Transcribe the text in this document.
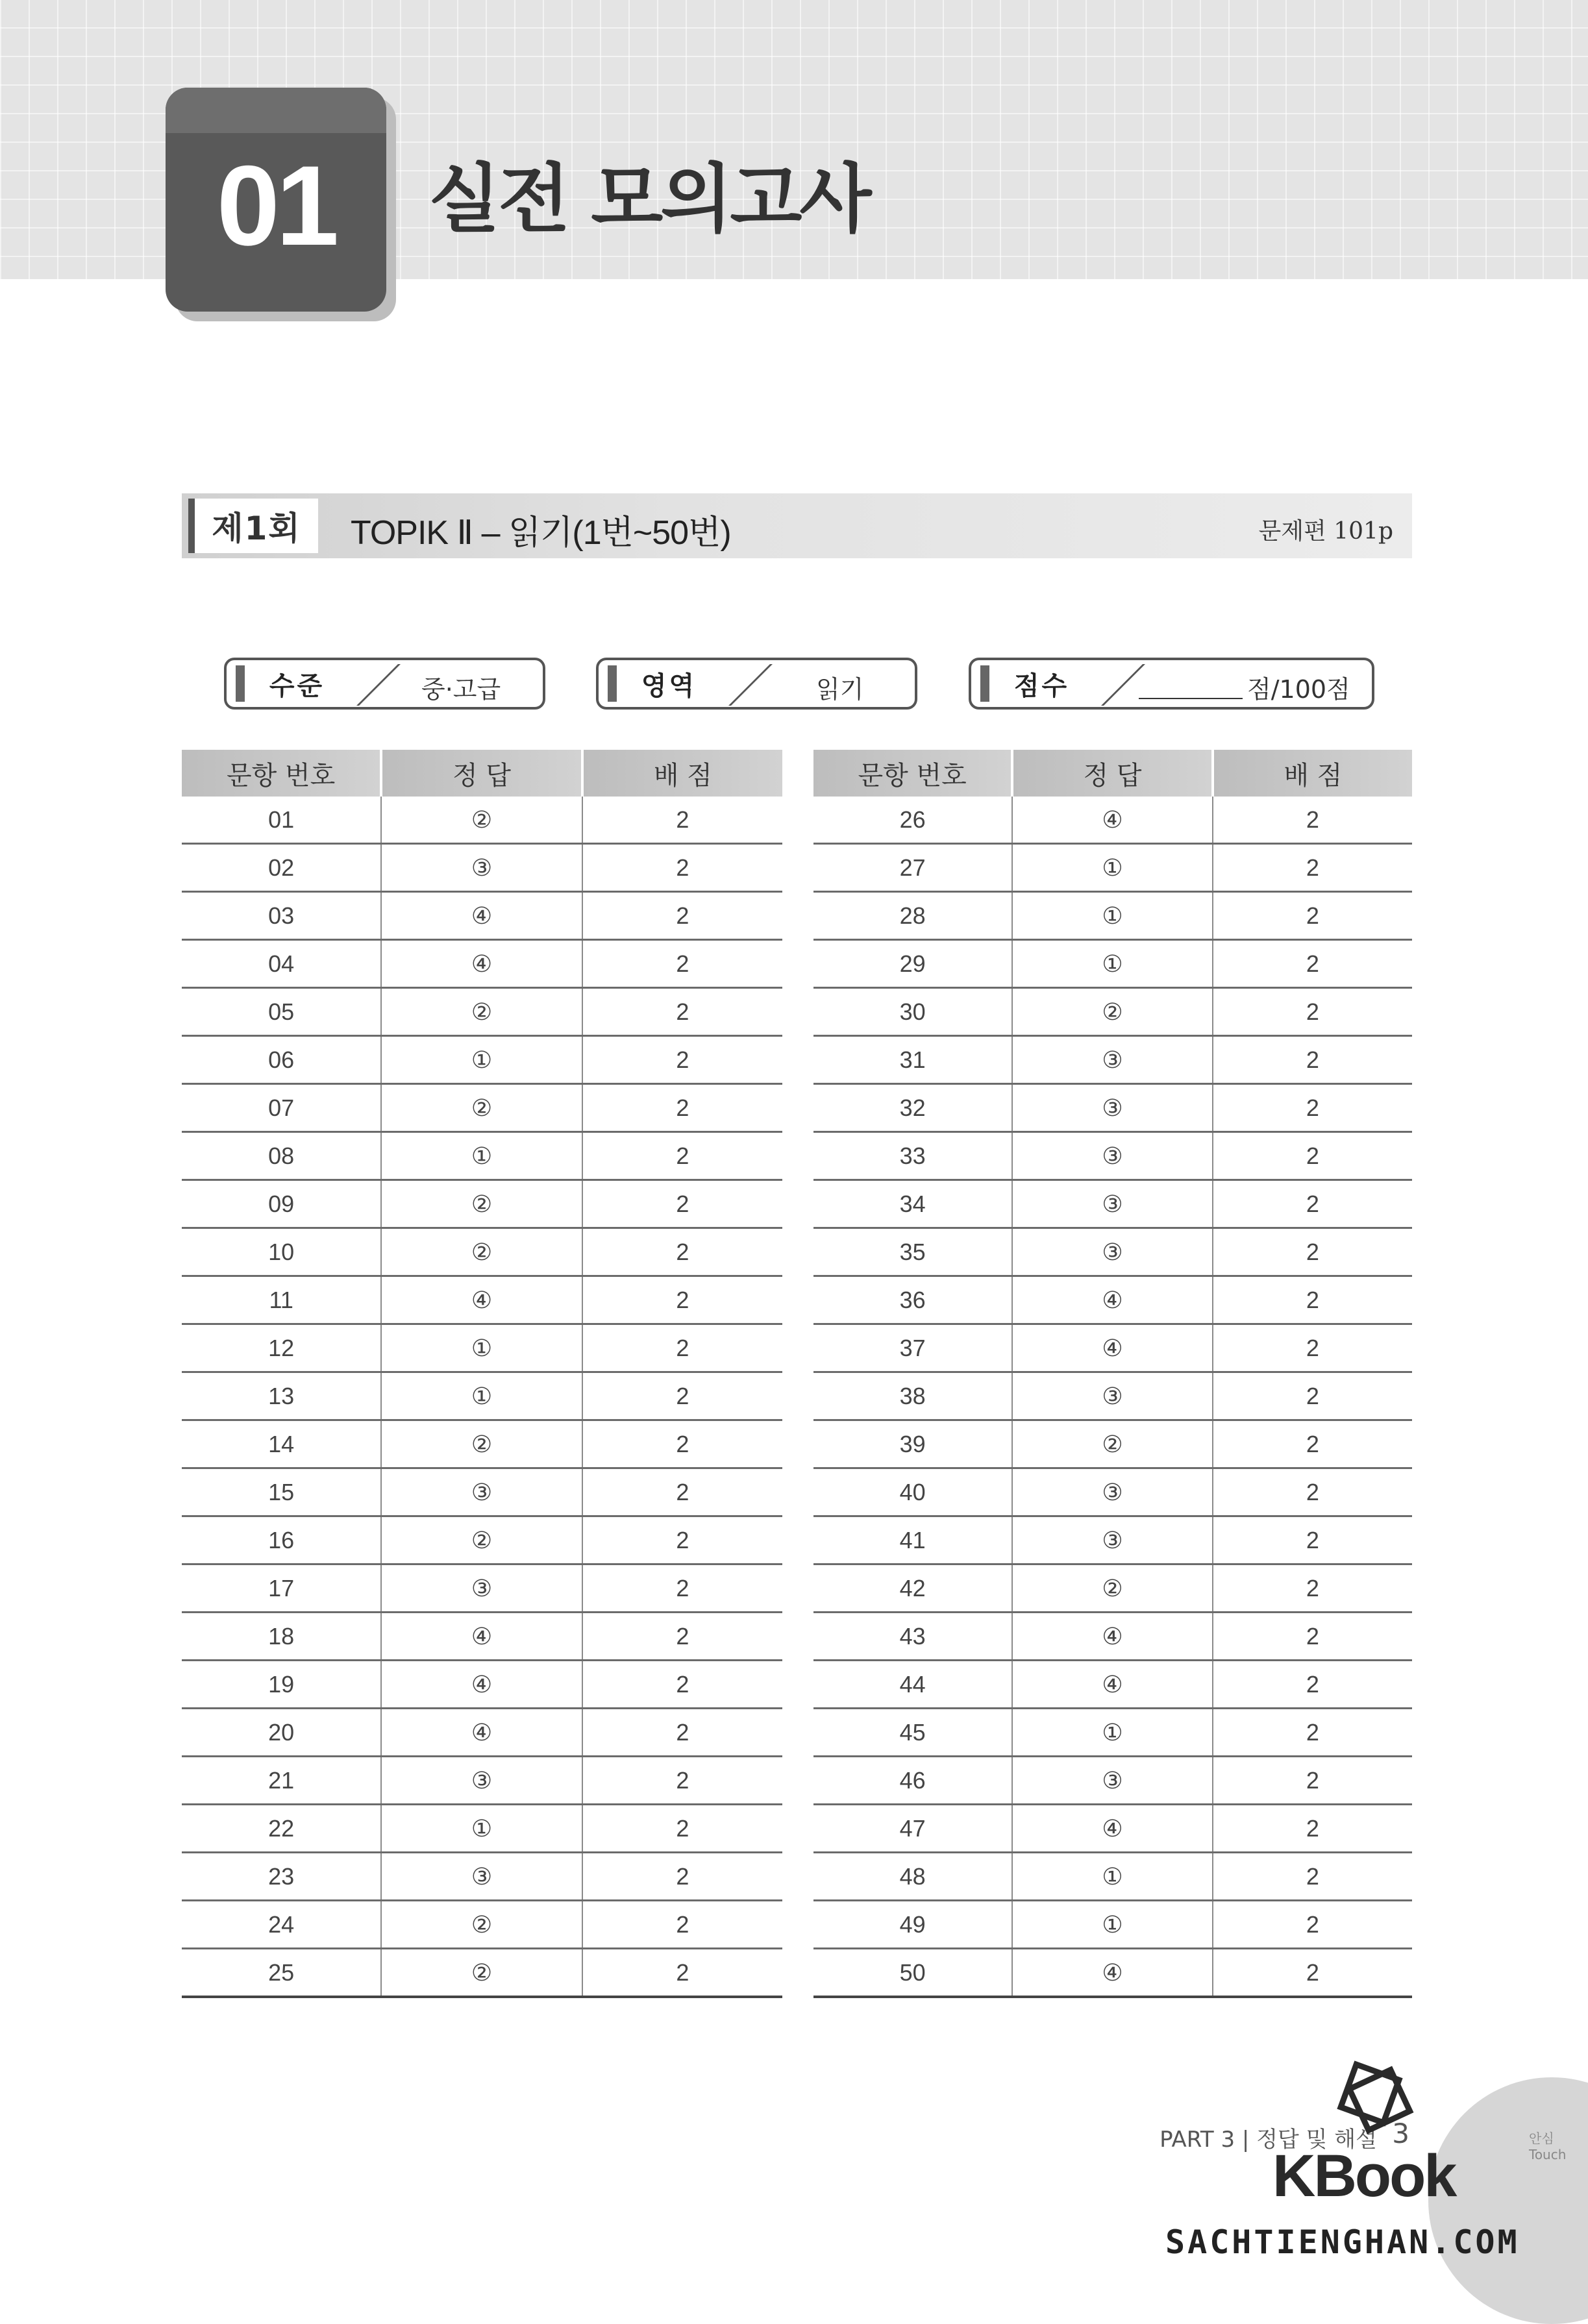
01	실전 모의고사
제1회	TOPIK Ⅱ – 읽기(1번~50번)	문제편 101p
수준	중·고급	영역	읽기	점수	점/100점
문항 번호	정 답	배 점
01	②	2
02	③	2
03	④	2
04	④	2
05	②	2
06	①	2
07	②	2
08	①	2
09	②	2
10	②	2
11	④	2
12	①	2
13	①	2
14	②	2
15	③	2
16	②	2
17	③	2
18	④	2
19	④	2
20	④	2
21	③	2
22	①	2
23	③	2
24	②	2
25	②	2
문항 번호	정 답	배 점
26	④	2
27	①	2
28	①	2
29	①	2
30	②	2
31	③	2
32	③	2
33	③	2
34	③	2
35	③	2
36	④	2
37	④	2
38	③	2
39	②	2
40	③	2
41	③	2
42	②	2
43	④	2
44	④	2
45	①	2
46	③	2
47	④	2
48	①	2
49	①	2
50	④	2
안심Touch
PART 3 | 정답 및 해설 3
KBook
SACHTIENGHAN.COM
